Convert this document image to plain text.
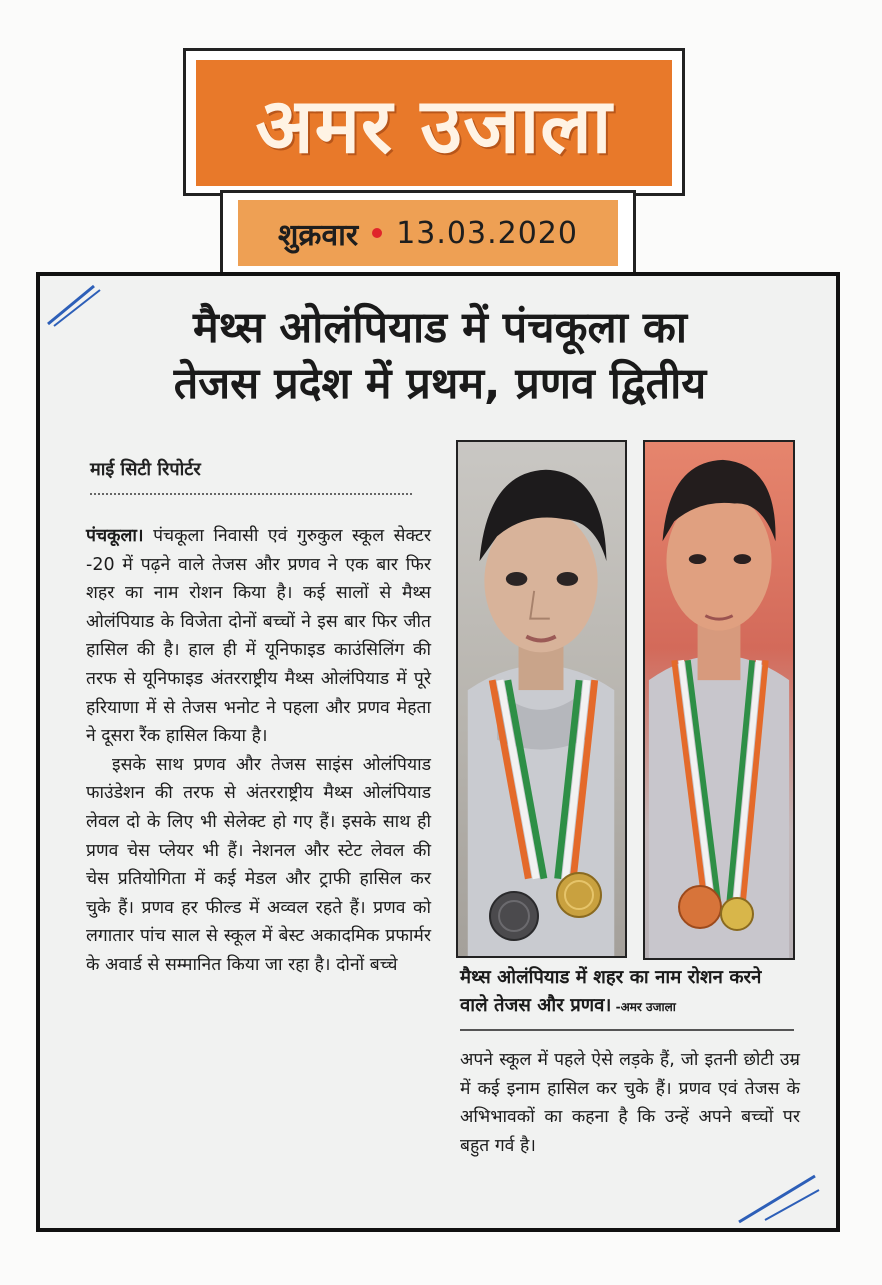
अमर उजाला
शुक्रवार 13.03.2020
मैथ्स ओलंपियाड में पंचकूला का
तेजस प्रदेश में प्रथम, प्रणव द्वितीय
माई सिटी रिपोर्टर

पंचकूला। पंचकूला निवासी एवं गुरुकुल स्कूल सेक्टर -20 में पढ़ने वाले तेजस और प्रणव ने एक बार फिर शहर का नाम रोशन किया है। कई सालों से मैथ्स ओलंपियाड के विजेता दोनों बच्चों ने इस बार फिर जीत हासिल की है। हाल ही में यूनिफाइड काउंसिलिंग की तरफ से यूनिफाइड अंतरराष्ट्रीय मैथ्स ओलंपियाड में पूरे हरियाणा में से तेजस भनोट ने पहला और प्रणव मेहता ने दूसरा रैंक हासिल किया है।

इसके साथ प्रणव और तेजस साइंस ओलंपियाड फाउंडेशन की तरफ से अंतरराष्ट्रीय मैथ्स ओलंपियाड लेवल दो के लिए भी सेलेक्ट हो गए हैं। इसके साथ ही प्रणव चेस प्लेयर भी हैं। नेशनल और स्टेट लेवल की चेस प्रतियोगिता में कई मेडल और ट्राफी हासिल कर चुके हैं। प्रणव हर फील्ड में अव्वल रहते हैं। प्रणव को लगातार पांच साल से स्कूल में बेस्ट अकादमिक प्रफार्मर के अवार्ड से सम्मानित किया जा रहा है। दोनों बच्चे

मैथ्स ओलंपियाड में शहर का नाम रोशन करने वाले तेजस और प्रणव। -अमर उजाला
अपने स्कूल में पहले ऐसे लड़के हैं, जो इतनी छोटी उम्र में कई इनाम हासिल कर चुके हैं। प्रणव एवं तेजस के अभिभावकों का कहना है कि उन्हें अपने बच्चों पर बहुत गर्व है।
